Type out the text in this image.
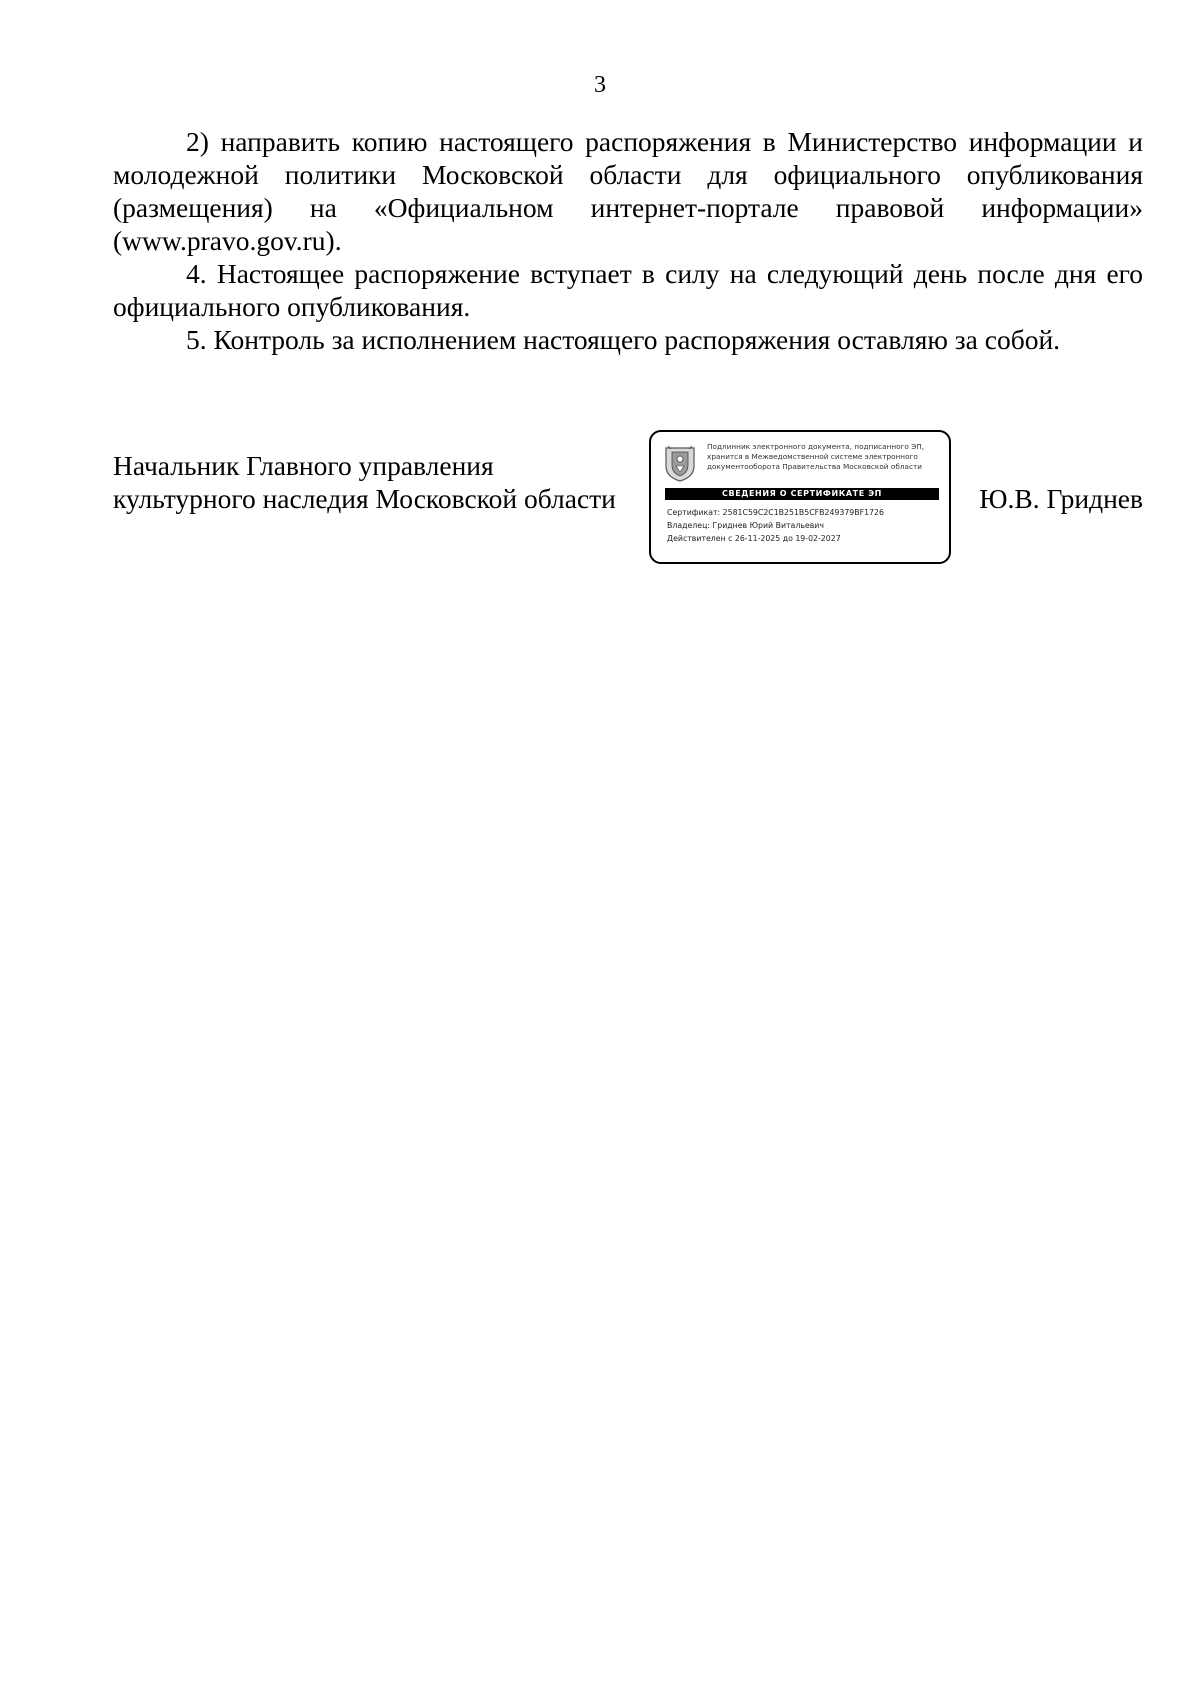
3

2) направить копию настоящего распоряжения в Министерство информации и молодежной политики Московской области для официального опубликования (размещения) на «Официальном интернет-портале правовой информации» (www.pravo.gov.ru).

4. Настоящее распоряжение вступает в силу на следующий день после дня его официального опубликования.

5. Контроль за исполнением настоящего распоряжения оставляю за собой.

Начальник Главного управления
культурного наследия Московской области
Подлинник электронного документа, подписанного ЭП,
хранится в Межведомственной системе электронного
документооборота Правительства Московской области
СВЕДЕНИЯ О СЕРТИФИКАТЕ ЭП
Сертификат: 2581C59C2C1B251B5CFB249379BF1726
Владелец: Гриднев Юрий Витальевич
Действителен с 26-11-2025 до 19-02-2027
Ю.В. Гриднев
